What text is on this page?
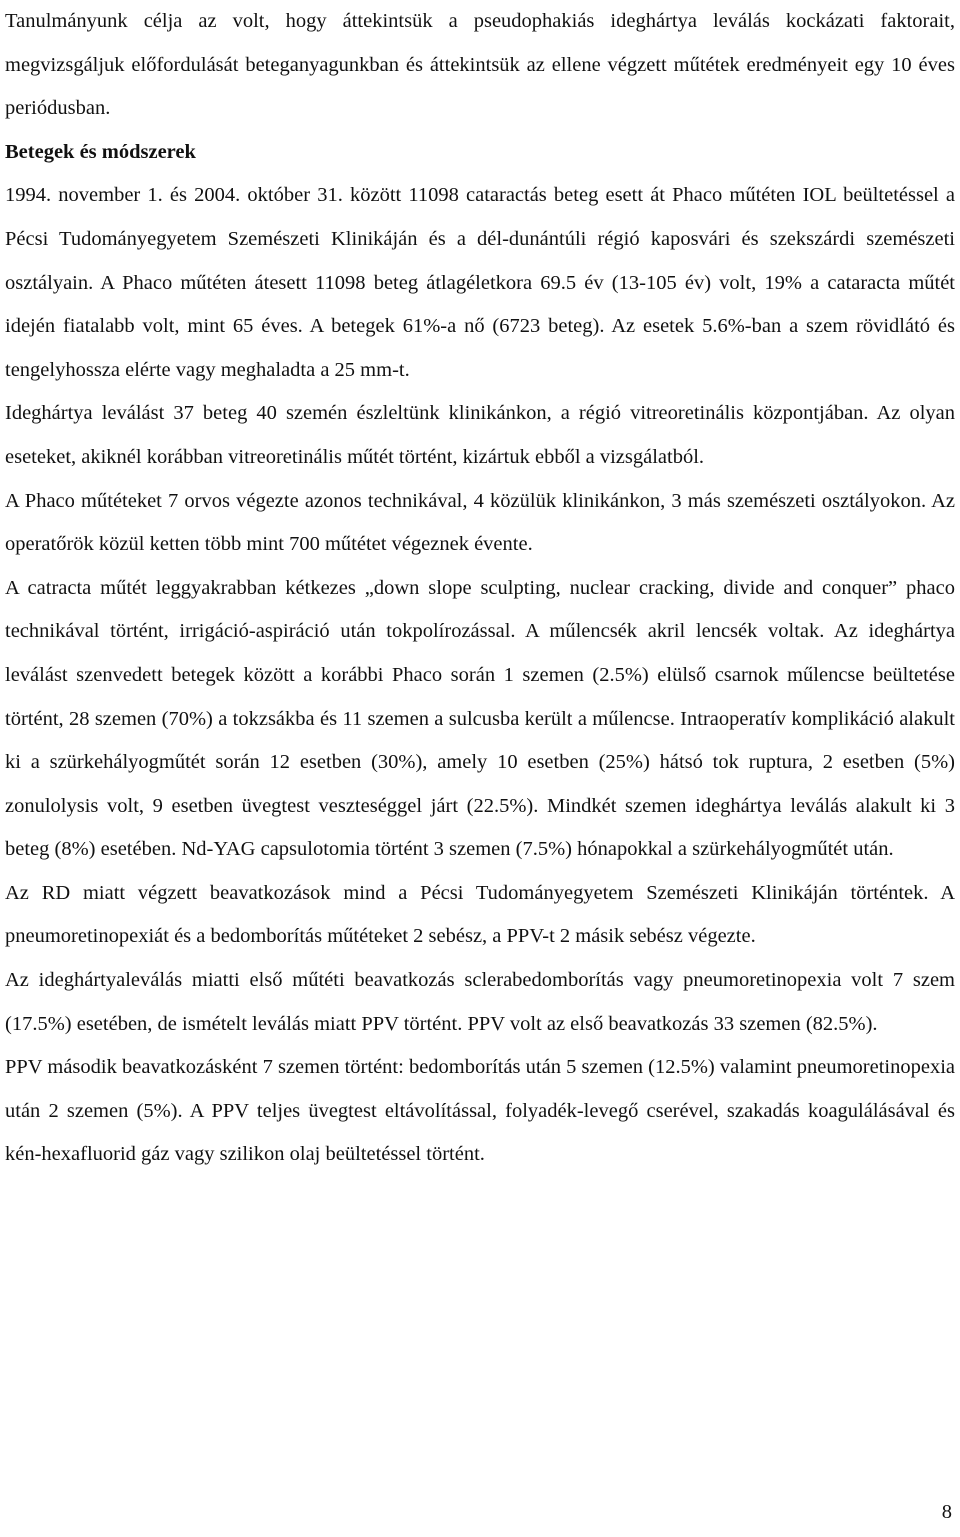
Tanulmányunk célja az volt, hogy áttekintsük a pseudophakiás ideghártya leválás kockázati faktorait, megvizsgáljuk előfordulását beteganyagunkban és áttekintsük az ellene végzett műtétek eredményeit egy 10 éves periódusban.

Betegek és módszerek

1994. november 1. és 2004. október 31. között 11098 cataractás beteg esett át Phaco műtéten IOL beültetéssel a Pécsi Tudományegyetem Szemészeti Klinikáján és a dél-dunántúli régió kaposvári és szekszárdi szemészeti osztályain. A Phaco műtéten átesett 11098 beteg átlagéletkora 69.5 év (13-105 év) volt, 19% a cataracta műtét idején fiatalabb volt, mint 65 éves. A betegek 61%-a nő (6723 beteg). Az esetek 5.6%-ban a szem rövidlátó és tengelyhossza elérte vagy meghaladta a 25 mm-t.

Ideghártya leválást 37 beteg 40 szemén észleltünk klinikánkon, a régió vitreoretinális központjában. Az olyan eseteket, akiknél korábban vitreoretinális műtét történt, kizártuk ebből a vizsgálatból.

A Phaco műtéteket 7 orvos végezte azonos technikával, 4 közülük klinikánkon, 3 más szemészeti osztályokon. Az operatőrök közül ketten több mint 700 műtétet végeznek évente.

A catracta műtét leggyakrabban kétkezes „down slope sculpting, nuclear cracking, divide and conquer” phaco technikával történt, irrigáció-aspiráció után tokpolírozással. A műlencsék akril lencsék voltak. Az ideghártya leválást szenvedett betegek között a korábbi Phaco során 1 szemen (2.5%) elülső csarnok műlencse beültetése történt, 28 szemen (70%) a tokzsákba és 11 szemen a sulcusba került a műlencse. Intraoperatív komplikáció alakult ki a szürkehályogműtét során 12 esetben (30%), amely 10 esetben (25%) hátsó tok ruptura, 2 esetben (5%) zonulolysis volt, 9 esetben üvegtest veszteséggel járt (22.5%). Mindkét szemen ideghártya leválás alakult ki 3 beteg (8%) esetében. Nd-YAG capsulotomia történt 3 szemen (7.5%) hónapokkal a szürkehályogműtét után.

Az RD miatt végzett beavatkozások mind a Pécsi Tudományegyetem Szemészeti Klinikáján történtek. A pneumoretinopexiát és a bedomborítás műtéteket 2 sebész, a PPV-t 2 másik sebész végezte.

Az ideghártyaleválás miatti első műtéti beavatkozás sclerabedomborítás vagy pneumoretinopexia volt 7 szem (17.5%) esetében, de ismételt leválás miatt PPV történt. PPV volt az első beavatkozás 33 szemen (82.5%).

PPV második beavatkozásként 7 szemen történt: bedomborítás után 5 szemen (12.5%) valamint pneumoretinopexia után 2 szemen (5%). A PPV teljes üvegtest eltávolítással, folyadék-levegő cserével, szakadás koagulálásával és kén-hexafluorid gáz vagy szilikon olaj beültetéssel történt.

8
